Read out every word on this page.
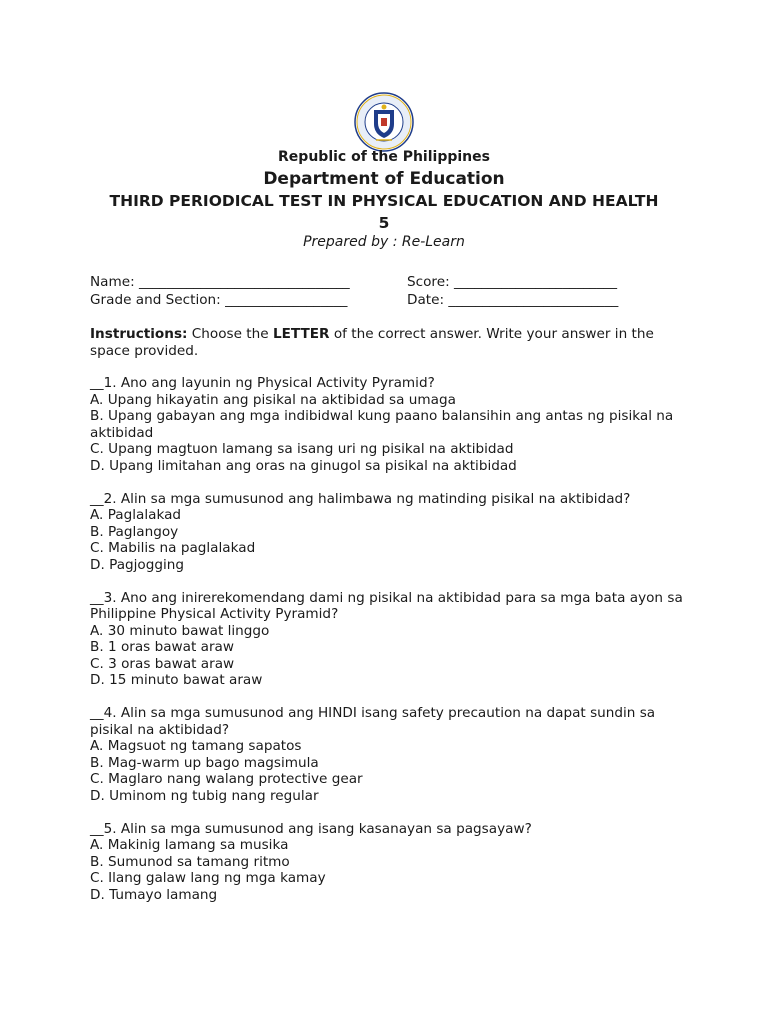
Republic of the Philippines
Department of Education
THIRD PERIODICAL TEST IN PHYSICAL EDUCATION AND HEALTH
5
Prepared by : Re-Learn
Name: _______________________________	Score: ________________________
Grade and Section: __________________	Date: _________________________
Instructions: Choose the LETTER of the correct answer. Write your answer in the space provided.
__1. Ano ang layunin ng Physical Activity Pyramid?
A. Upang hikayatin ang pisikal na aktibidad sa umaga
B. Upang gabayan ang mga indibidwal kung paano balansihin ang antas ng pisikal na aktibidad
C. Upang magtuon lamang sa isang uri ng pisikal na aktibidad
D. Upang limitahan ang oras na ginugol sa pisikal na aktibidad
__2. Alin sa mga sumusunod ang halimbawa ng matinding pisikal na aktibidad?
A. Paglalakad
B. Paglangoy
C. Mabilis na paglalakad
D. Pagjogging
__3. Ano ang inirerekomendang dami ng pisikal na aktibidad para sa mga bata ayon sa Philippine Physical Activity Pyramid?
A. 30 minuto bawat linggo
B. 1 oras bawat araw
C. 3 oras bawat araw
D. 15 minuto bawat araw
__4. Alin sa mga sumusunod ang HINDI isang safety precaution na dapat sundin sa pisikal na aktibidad?
A. Magsuot ng tamang sapatos
B. Mag-warm up bago magsimula
C. Maglaro nang walang protective gear
D. Uminom ng tubig nang regular
__5. Alin sa mga sumusunod ang isang kasanayan sa pagsayaw?
A. Makinig lamang sa musika
B. Sumunod sa tamang ritmo
C. Ilang galaw lang ng mga kamay
D. Tumayo lamang
